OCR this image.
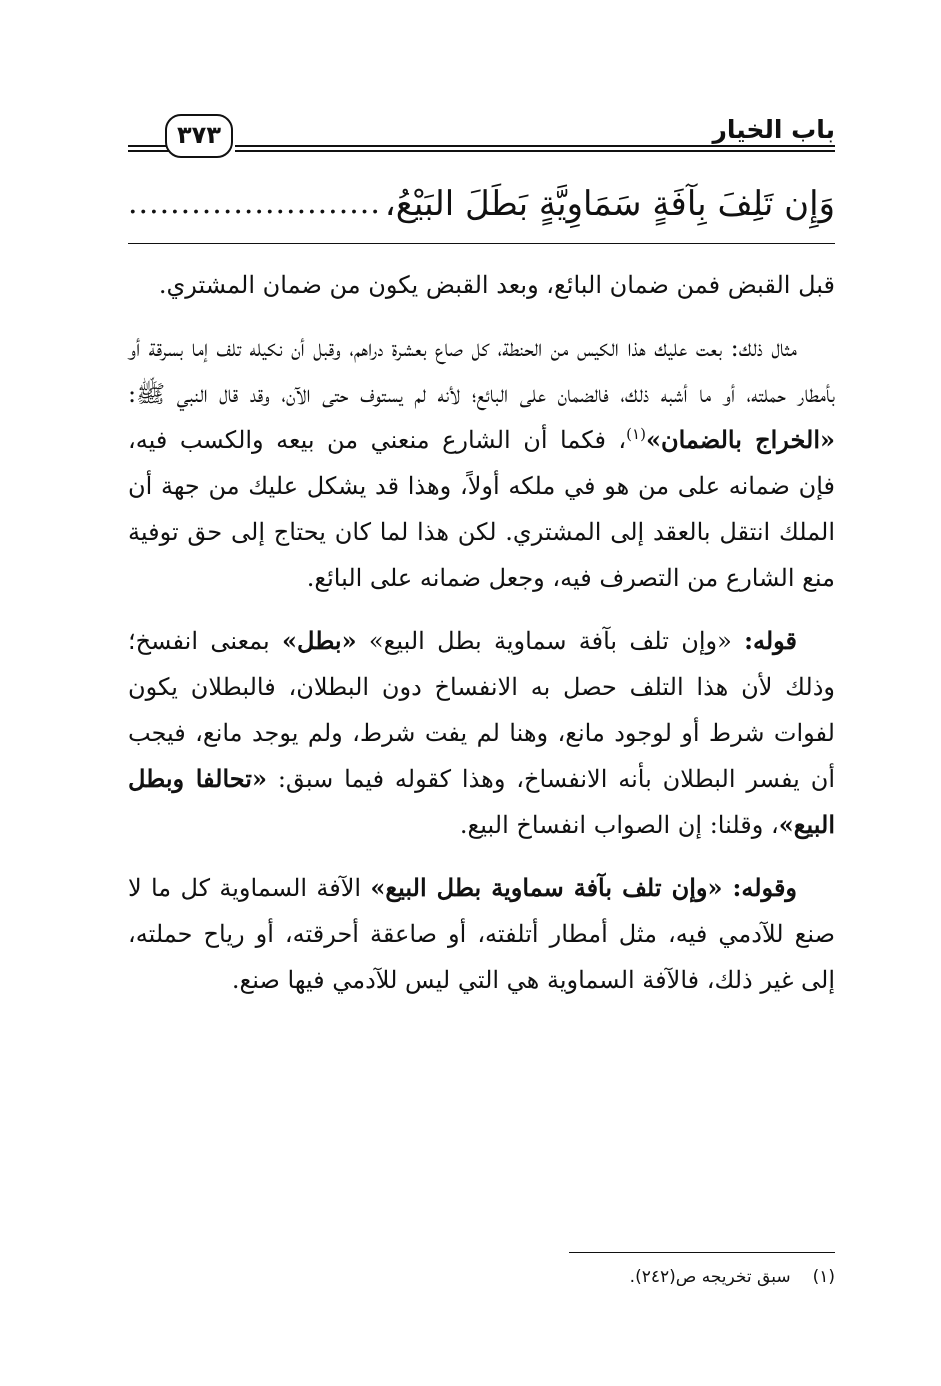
باب الخيار
٣٧٣
وَإِن تَلِفَ بِآفَةٍ سَمَاوِيَّةٍ بَطَلَ البَيْعُ،
........................

قبل القبض فمن ضمان البائع، وبعد القبض يكون من ضمان المشتري.

مثال ذلك: بعت عليك هذا الكيس من الحنطة، كل صاع بعشرة دراهم، وقبل أن نكيله تلف إما بسرقة أو بأمطار حملته، أو ما أشبه ذلك، فالضمان على البائع؛ لأنه لم يستوف حتى الآن، وقد قال النبي ﷺ: «الخراج بالضمان»$^{(١)}$، فكما أن الشارع منعني من بيعه والكسب فيه، فإن ضمانه على من هو في ملكه أولاً، وهذا قد يشكل عليك من جهة أن الملك انتقل بالعقد إلى المشتري. لكن هذا لما كان يحتاج إلى حق توفية منع الشارع من التصرف فيه، وجعل ضمانه على البائع.

قوله: «وإن تلف بآفة سماوية بطل البيع» «بطل» بمعنى انفسخ؛ وذلك لأن هذا التلف حصل به الانفساخ دون البطلان، فالبطلان يكون لفوات شرط أو لوجود مانع، وهنا لم يفت شرط، ولم يوجد مانع، فيجب أن يفسر البطلان بأنه الانفساخ، وهذا كقوله فيما سبق: «تحالفا وبطل البيع»، وقلنا: إن الصواب انفساخ البيع.

وقوله: «وإن تلف بآفة سماوية بطل البيع» الآفة السماوية كل ما لا صنع للآدمي فيه، مثل أمطار أتلفته، أو صاعقة أحرقته، أو رياح حملته، إلى غير ذلك، فالآفة السماوية هي التي ليس للآدمي فيها صنع.

(١)سبق تخريجه ص(٢٤٢).
